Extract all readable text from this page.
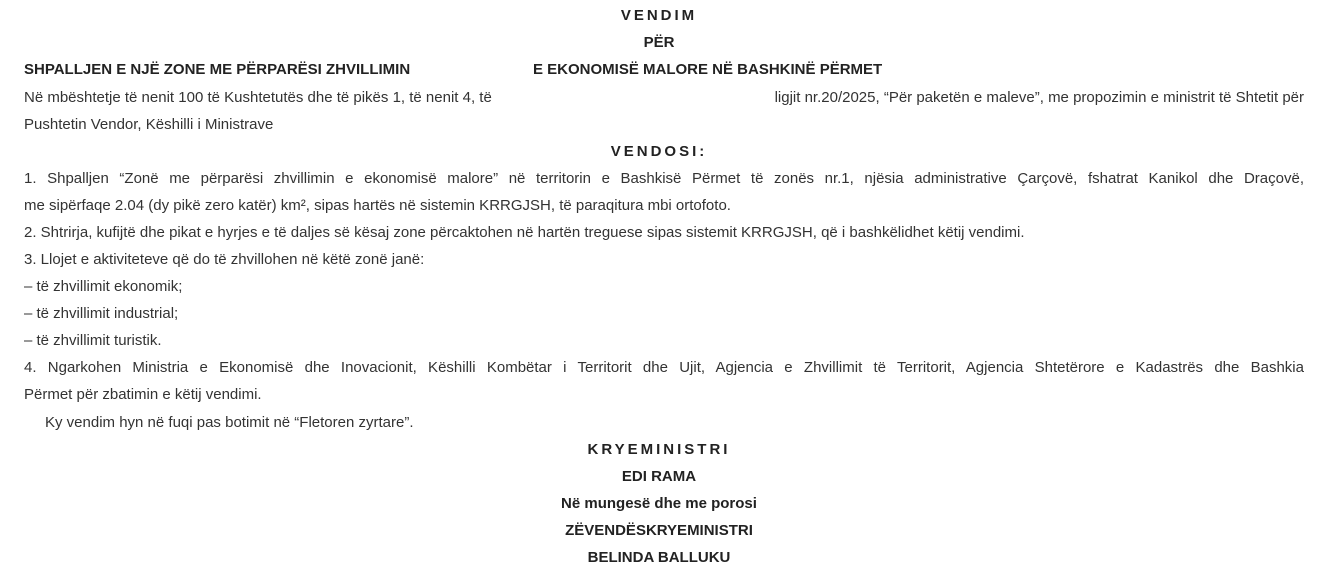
VENDIM
PËR
SHPALLJEN E NJË ZONE ME PËRPARËSI ZHVILLIMIN	E EKONOMISË MALORE NË BASHKINË PËRMET
Në mbështetje të nenit 100 të Kushtetutës dhe të pikës 1, të nenit 4, të	ligjit nr.20/2025, “Për paketën e maleve”, me propozimin e ministrit të Shtetit për
Pushtetin Vendor, Këshilli i Ministrave
VENDOSI:
1. Shpalljen “Zonë me përparësi zhvillimin e ekonomisë malore” në territorin e Bashkisë Përmet të zonës nr.1, njësia administrative Çarçovë, fshatrat Kanikol dhe Draçovë,
me sipërfaqe 2.04 (dy pikë zero katër) km², sipas hartës në sistemin KRRGJSH, të paraqitura mbi ortofoto.
2. Shtrirja, kufijtë dhe pikat e hyrjes e të daljes së kësaj zone përcaktohen në hartën treguese sipas sistemit KRRGJSH, që i bashkëlidhet këtij vendimi.
3. Llojet e aktiviteteve që do të zhvillohen në këtë zonë janë:
– të zhvillimit ekonomik;
– të zhvillimit industrial;
– të zhvillimit turistik.
4. Ngarkohen Ministria e Ekonomisë dhe Inovacionit, Këshilli Kombëtar i Territorit dhe Ujit, Agjencia e Zhvillimit të Territorit, Agjencia Shtetërore e Kadastrës dhe Bashkia
Përmet për zbatimin e këtij vendimi.
Ky vendim hyn në fuqi pas botimit në “Fletoren zyrtare”.
KRYEMINISTRI
EDI RAMA
Në mungesë dhe me porosi
ZËVENDËSKRYEMINISTRI
BELINDA BALLUKU
